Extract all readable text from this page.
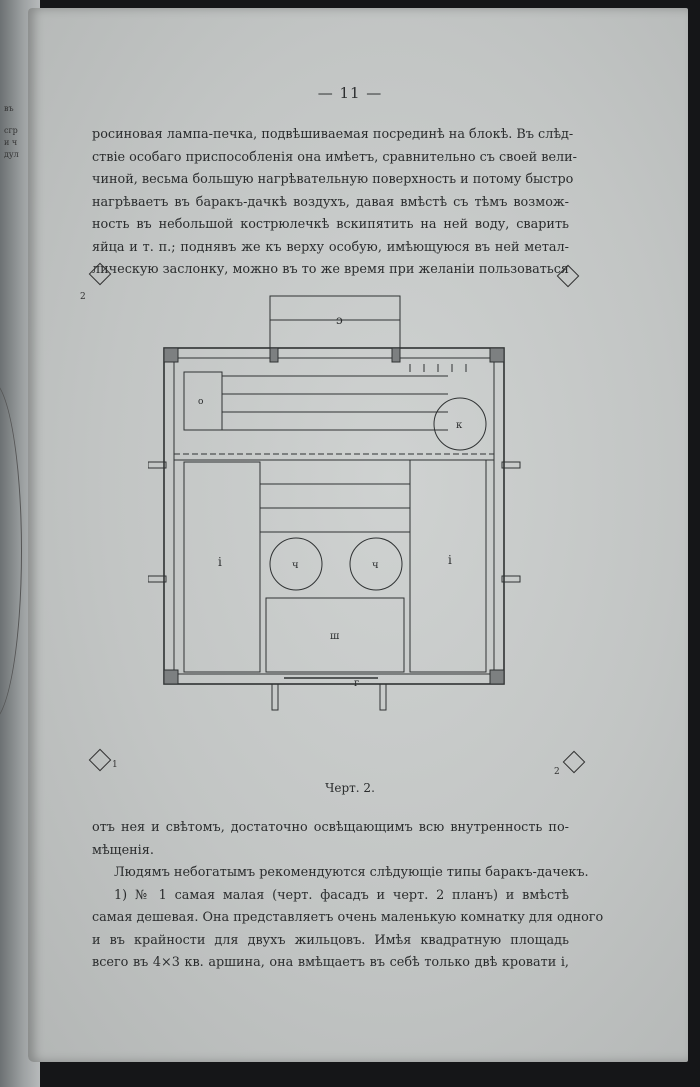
въ
сгр
и ч
дул
— 11 —

росиновая лампа-печка, подвѣшиваемая посрединѣ на блокѣ. Въ слѣд-

ствіе особаго приспособленія она имѣетъ, сравнительно съ своей вели-

чиной, весьма большую нагрѣвательную поверхность и потому быстро

нагрѣваетъ въ баракъ-дачкѣ воздухъ, давая вмѣстѣ съ тѣмъ возмож-

ность въ небольшой кострюлечкѣ вскипятить на ней воду, сварить

яйца и т. п.; поднявъ же къ верху особую, имѣющуюся въ ней метал-

лическую заслонку, можно въ то же время при желаніи пользоваться

2
1
2
ɔ
о
к
і	і
ч	ч
ш
г
Черт. 2.

отъ нея и свѣтомъ, достаточно освѣщающимъ всю внутренность по-

мѣщенія.

Людямъ небогатымъ рекомендуются слѣдующіе типы баракъ-дачекъ.

1) № 1 самая малая (черт. фасадъ и черт. 2 планъ) и вмѣстѣ

самая дешевая. Она представляетъ очень маленькую комнатку для одного

и въ крайности для двухъ жильцовъ. Имѣя квадратную площадь

всего въ 4×3 кв. аршина, она вмѣщаетъ въ себѣ только двѣ кровати і,
